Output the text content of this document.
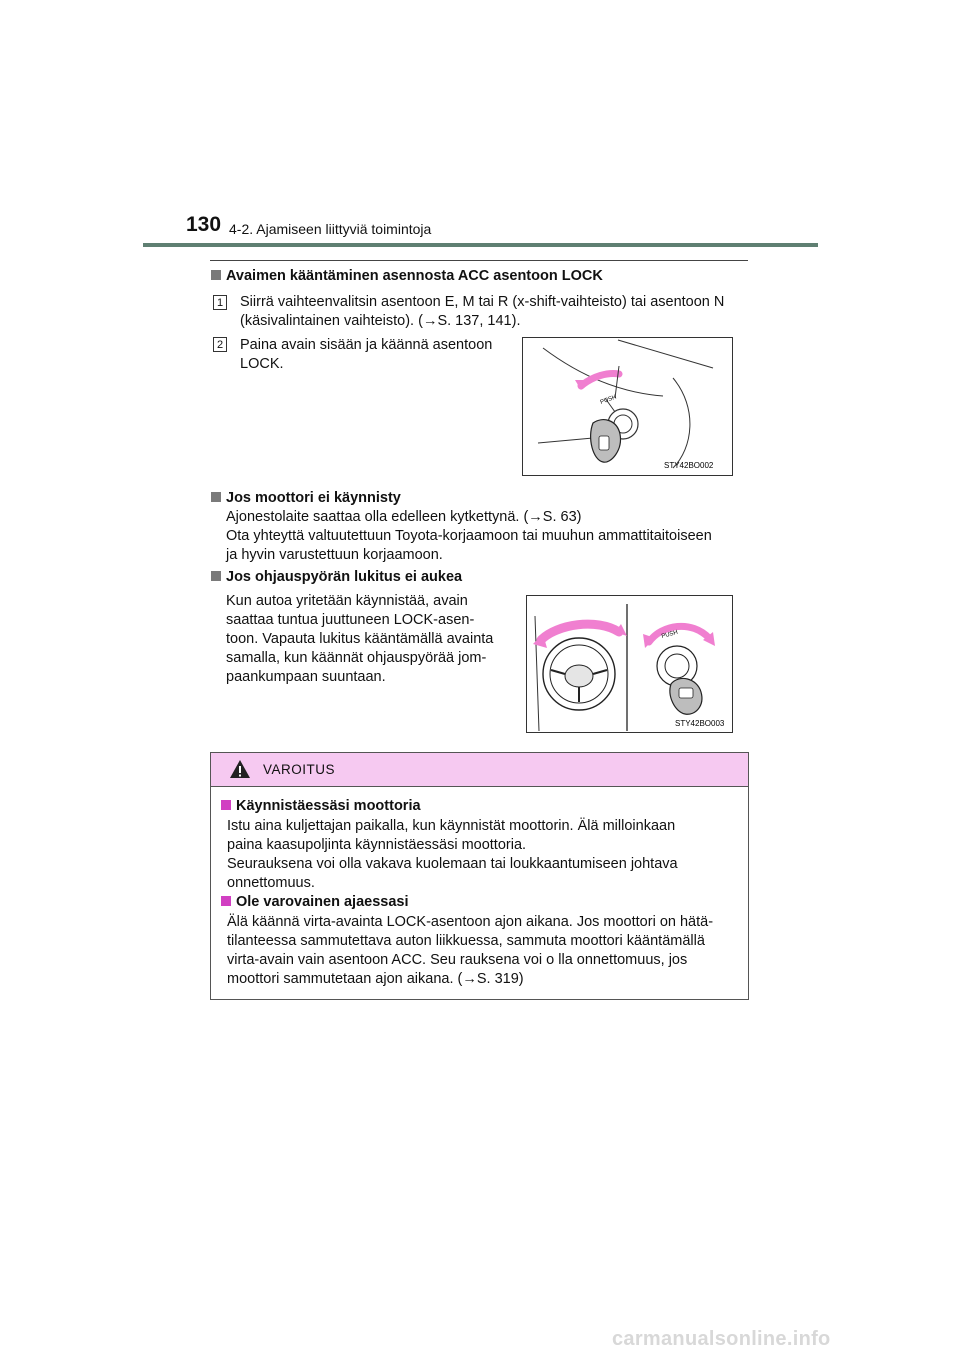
130 4-2. Ajamiseen liittyviä toimintoja
Avaimen kääntäminen asennosta ACC asentoon LOCK
1 Siirrä vaihteenvalitsin asentoon E, M tai R (x-shift-vaihteisto) tai asentoon N
(käsivalintainen vaihteisto). (→S. 137, 141).
2 Paina avain sisään ja käännä asentoon
LOCK.
PUSH
STY42BO002
Jos moottori ei käynnisty
Ajonestolaite saattaa olla edelleen kytkettynä. (→S. 63)
Ota yhteyttä valtuutettuun Toyota-korjaamoon tai muuhun ammattitaitoiseen
ja hyvin varustettuun korjaamoon.
Jos ohjauspyörän lukitus ei aukea
Kun autoa yritetään käynnistää, avain
saattaa tuntua juuttuneen LOCK-asen-
toon. Vapauta lukitus kääntämällä avainta
samalla, kun käännät ohjauspyörää jom-
paankumpaan suuntaan.
PUSH
STY42BO003
VAROITUS
Käynnistäessäsi moottoria
Istu aina kuljettajan paikalla, kun käynnistät moottorin. Älä milloinkaan
paina kaasupoljinta käynnistäessäsi moottoria.
Seurauksena voi olla vakava kuolemaan tai loukkaantumiseen johtava
onnettomuus.
Ole varovainen ajaessasi
Älä käännä virta-avainta LOCK-asentoon ajon aikana. Jos moottori on hätä-
tilanteessa sammutettava auton liikkuessa, sammuta moottori kääntämällä
virta-avain vain asentoon ACC. Seu rauksena voi o lla onnettomuus, jos
moottori sammutetaan ajon aikana. (→S. 319)
carmanualsonline.info
